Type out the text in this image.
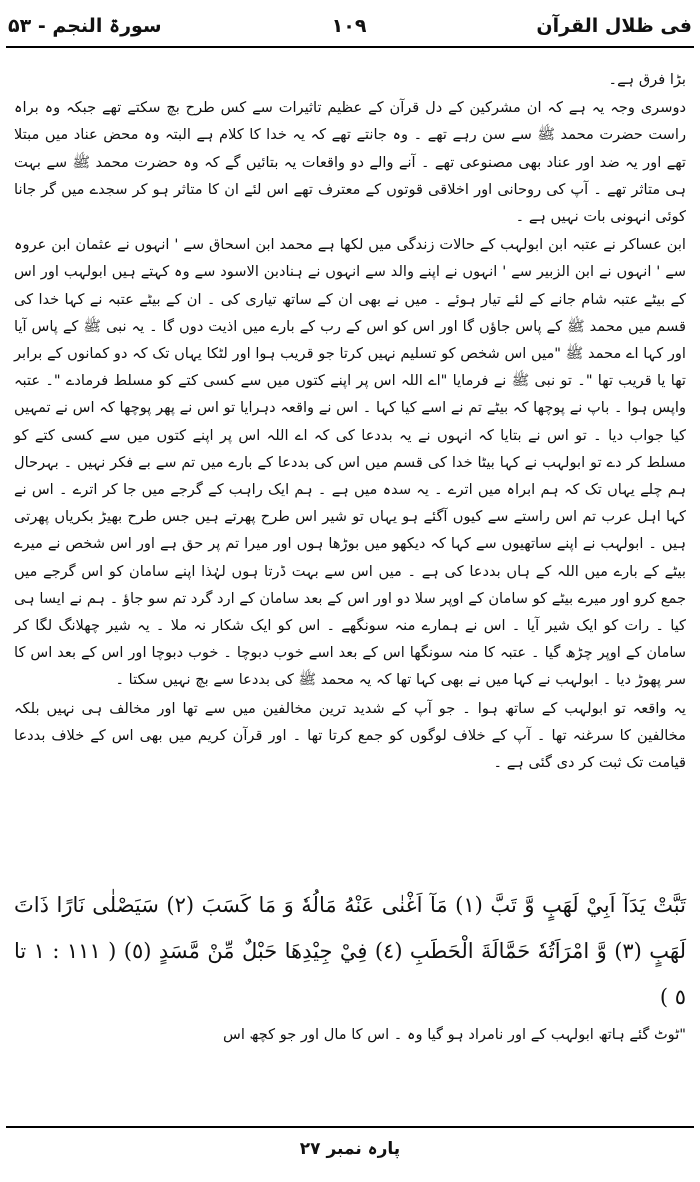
فی ظلال القرآن
۱۰۹
سورۃ النجم - ۵۳

بڑا فرق ہے۔

دوسری وجہ یہ ہے کہ ان مشرکین کے دل قرآن کے عظیم تاثیرات سے کس طرح بچ سکتے تھے جبکہ وہ براہ راست حضرت محمد ﷺ سے سن رہے تھے ۔ وہ جانتے تھے کہ یہ خدا کا کلام ہے البتہ وہ محض عناد میں مبتلا تھے اور یہ ضد اور عناد بھی مصنوعی تھے ۔ آنے والے دو واقعات یہ بتائیں گے کہ وہ حضرت محمد ﷺ سے بہت ہی متاثر تھے ۔ آپ کی روحانی اور اخلاقی قوتوں کے معترف تھے اس لئے ان کا متاثر ہو کر سجدے میں گر جانا کوئی انہونی بات نہیں ہے ۔

ابن عساکر نے عتبہ ابن ابولہب کے حالات زندگی میں لکھا ہے محمد ابن اسحاق سے ' انہوں نے عثمان ابن عروہ سے ' انہوں نے ابن الزبیر سے ' انہوں نے اپنے والد سے انہوں نے ہنادبن الاسود سے وہ کہتے ہیں ابولہب اور اس کے بیٹے عتبہ شام جانے کے لئے تیار ہوئے ۔ میں نے بھی ان کے ساتھ تیاری کی ۔ ان کے بیٹے عتبہ نے کہا خدا کی قسم میں محمد ﷺ کے پاس جاؤں گا اور اس کو اس کے رب کے بارے میں اذیت دوں گا ۔ یہ نبی ﷺ کے پاس آیا اور کہا اے محمد ﷺ "میں اس شخص کو تسلیم نہیں کرتا جو قریب ہوا اور لٹکا یہاں تک کہ دو کمانوں کے برابر تھا یا قریب تھا "۔ تو نبی ﷺ نے فرمایا "اے اللہ اس پر اپنے کتوں میں سے کسی کتے کو مسلط فرمادے "۔ عتبہ واپس ہوا ۔ باپ نے پوچھا کہ بیٹے تم نے اسے کیا کہا ۔ اس نے واقعہ دہرایا تو اس نے پھر پوچھا کہ اس نے تمہیں کیا جواب دیا ۔ تو اس نے بتایا کہ انہوں نے یہ بددعا کی کہ اے اللہ اس پر اپنے کتوں میں سے کسی کتے کو مسلط کر دے تو ابولہب نے کہا بیٹا خدا کی قسم میں اس کی بددعا کے بارے میں تم سے بے فکر نہیں ۔ بہرحال ہم چلے یہاں تک کہ ہم ابراہ میں اترے ۔ یہ سدہ میں ہے ۔ ہم ایک راہب کے گرجے میں جا کر اترے ۔ اس نے کہا اہل عرب تم اس راستے سے کیوں آگئے ہو یہاں تو شیر اس طرح پھرتے ہیں جس طرح بھیڑ بکریاں پھرتی ہیں ۔ ابولہب نے اپنے ساتھیوں سے کہا کہ دیکھو میں بوڑھا ہوں اور میرا تم پر حق ہے اور اس شخص نے میرے بیٹے کے بارے میں اللہ کے ہاں بددعا کی ہے ۔ میں اس سے بہت ڈرتا ہوں لہٰذا اپنے سامان کو اس گرجے میں جمع کرو اور میرے بیٹے کو سامان کے اوپر سلا دو اور اس کے بعد سامان کے ارد گرد تم سو جاؤ ۔ ہم نے ایسا ہی کیا ۔ رات کو ایک شیر آیا ۔ اس نے ہمارے منہ سونگھے ۔ اس کو ایک شکار نہ ملا ۔ یہ شیر چھلانگ لگا کر سامان کے اوپر چڑھ گیا ۔ عتبہ کا منہ سونگھا اس کے بعد اسے خوب دبوچا ۔ خوب دبوچا اور اس کے بعد اس کا سر پھوڑ دیا ۔ ابولہب نے کہا میں نے بھی کہا تھا کہ یہ محمد ﷺ کی بددعا سے بچ نہیں سکتا ۔

یہ واقعہ تو ابولہب کے ساتھ ہوا ۔ جو آپ کے شدید ترین مخالفین میں سے تھا اور مخالف ہی نہیں بلکہ مخالفین کا سرغنہ تھا ۔ آپ کے خلاف لوگوں کو جمع کرتا تھا ۔ اور قرآن کریم میں بھی اس کے خلاف بددعا قیامت تک ثبت کر دی گئی ہے ۔

تَبَّتْ يَدَآ اَبِيْ لَهَبٍ وَّ تَبَّ (١) مَآ اَغْنٰى عَنْهُ مَالُهٗ وَ مَا كَسَبَ (٢) سَيَصْلٰى نَارًا ذَاتَ لَهَبٍ (٣) وَّ امْرَاَتُهٗ حَمَّالَةَ الْحَطَبِ (٤) فِيْ جِيْدِهَا حَبْلٌ مِّنْ مَّسَدٍ (٥) ( ١١١ : ١ تا ٥ )
"ٹوٹ گئے ہاتھ ابولہب کے اور نامراد ہو گیا وہ ۔ اس کا مال اور جو کچھ اس
پارہ نمبر ۲۷
